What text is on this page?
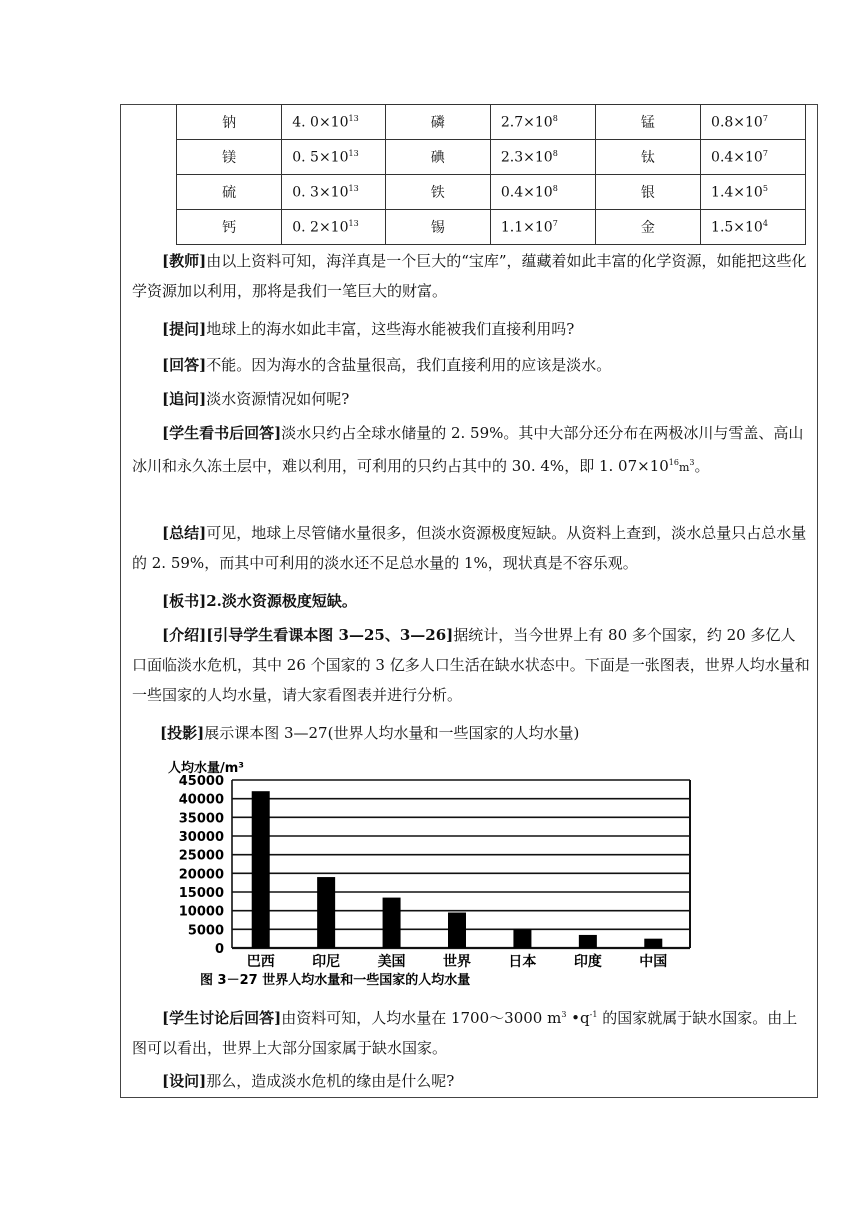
钠	4. $0\times 10^{13}$	磷	$2.7\times 10^8$	锰	$0.8\times 10^7$
镁	0. $5\times 10^{13}$	碘	$2.3\times 10^8$	钛	$0.4\times 10^7$
硫	0. $3\times 10^{13}$	铁	$0.4\times 10^8$	银	$1.4\times 10^5$
钙	0. $2\times 10^{13}$	锡	$1.1\times 10^7$	金	$1.5\times 10^4$
[教师]由以上资料可知，海洋真是一个巨大的“宝库”，蕴藏着如此丰富的化学资源，如能把这些化学资源加以利用，那将是我们一笔巨大的财富。
[提问]地球上的海水如此丰富，这些海水能被我们直接利用吗?
[回答]不能。因为海水的含盐量很高，我们直接利用的应该是淡水。
[追问]淡水资源情况如何呢?
[学生看书后回答]淡水只约占全球水储量的 2. 59%。其中大部分还分布在两极冰川与雪盖、高山冰川和永久冻土层中，难以利用，可利用的只约占其中的 30. 4%，即 1. $07\times 10^{16}m^3$。
[总结]可见，地球上尽管储水量很多，但淡水资源极度短缺。从资料上查到，淡水总量只占总水量的 2. 59%，而其中可利用的淡水还不足总水量的 1%，现状真是不容乐观。
[板书]2.淡水资源极度短缺。
[介绍][引导学生看课本图 3—25、3—26]据统计，当今世界上有 80 多个国家，约 20 多亿人口面临淡水危机，其中 26 个国家的 3 亿多人口生活在缺水状态中。下面是一张图表，世界人均水量和一些国家的人均水量，请大家看图表并进行分析。
[投影]展示课本图 3—27(世界人均水量和一些国家的人均水量)
人均水量/m³
0
5000
10000
15000
20000
25000
30000
35000
40000
45000
巴西	印尼	美国	世界	日本	印度	中国
图 3－27 世界人均水量和一些国家的人均水量
[学生讨论后回答]由资料可知，人均水量在 1700～3000 $m^3$ $•q^{-1}$ 的国家就属于缺水国家。由上图可以看出，世界上大部分国家属于缺水国家。
[设问]那么，造成淡水危机的缘由是什么呢?
